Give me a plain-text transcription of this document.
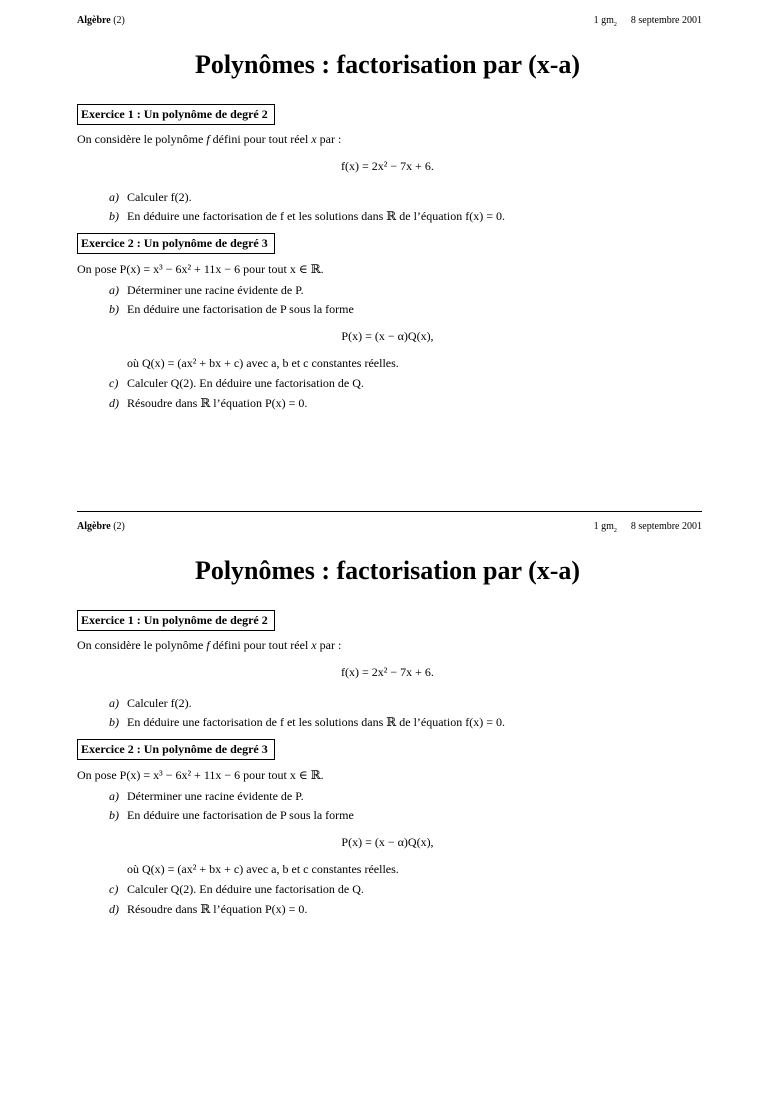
Algèbre (2)	1 $gm_2$ 8 septembre 2001
Polynômes : factorisation par (x-a)
Exercice 1 : Un polynôme de degré 2
On considère le polynôme f défini pour tout réel x par :
f(x) = 2x² − 7x + 6.
a) Calculer f(2).
b) En déduire une factorisation de f et les solutions dans ℝ de l’équation f(x) = 0.
Exercice 2 : Un polynôme de degré 3
On pose P(x) = x³ − 6x² + 11x − 6 pour tout x ∈ ℝ.
a) Déterminer une racine évidente de P.
b) En déduire une factorisation de P sous la forme
P(x) = (x − α)Q(x),
où Q(x) = (ax² + bx + c) avec a, b et c constantes réelles.
c) Calculer Q(2). En déduire une factorisation de Q.
d) Résoudre dans ℝ l’équation P(x) = 0.
Algèbre (2)	1 $gm_2$ 8 septembre 2001
Polynômes : factorisation par (x-a)
Exercice 1 : Un polynôme de degré 2
On considère le polynôme f défini pour tout réel x par :
f(x) = 2x² − 7x + 6.
a) Calculer f(2).
b) En déduire une factorisation de f et les solutions dans ℝ de l’équation f(x) = 0.
Exercice 2 : Un polynôme de degré 3
On pose P(x) = x³ − 6x² + 11x − 6 pour tout x ∈ ℝ.
a) Déterminer une racine évidente de P.
b) En déduire une factorisation de P sous la forme
P(x) = (x − α)Q(x),
où Q(x) = (ax² + bx + c) avec a, b et c constantes réelles.
c) Calculer Q(2). En déduire une factorisation de Q.
d) Résoudre dans ℝ l’équation P(x) = 0.
